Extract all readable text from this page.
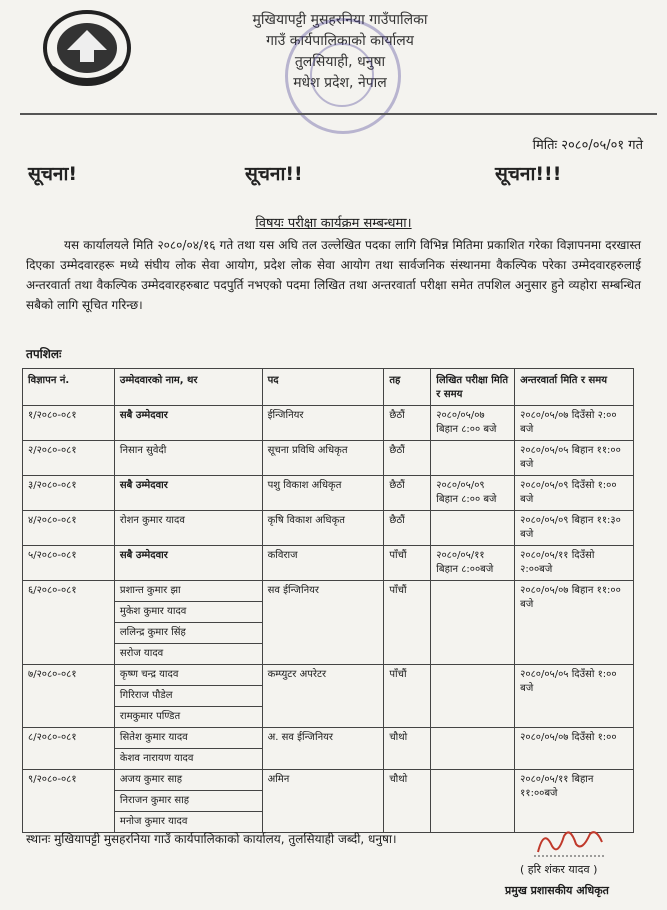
मुखियापट्टी मुसहरनिया गाउँपालिका
गाउँ कार्यपालिकाको कार्यालय
तुलसियाही, धनुषा
मधेश प्रदेश, नेपाल
मितिः २०८०/०५/०१ गते
सूचना!	सूचना!!	सूचना!!!
विषयः परीक्षा कार्यक्रम सम्बन्धमा।
यस कार्यालयले मिति २०८०/०४/१६ गते तथा यस अघि तल उल्लेखित पदका लागि विभिन्न मितिमा प्रकाशित गरेका विज्ञापनमा दरखास्त दिएका उम्मेदवारहरू मध्ये संघीय लोक सेवा आयोग, प्रदेश लोक सेवा आयोग तथा सार्वजनिक संस्थानमा वैकल्पिक परेका उम्मेदवारहरुलाई अन्तरवार्ता तथा वैकल्पिक उम्मेदवारहरुबाट पदपुर्ति नभएको पदमा लिखित तथा अन्तरवार्ता परीक्षा समेत तपशिल अनुसार हुने व्यहोरा सम्बन्धित सबैको लागि सूचित गरिन्छ।
तपशिलः
विज्ञापन नं.	उम्मेदवारको नाम, थर	पद	तह	लिखित परीक्षा मिति र समय	अन्तरवार्ता मिति र समय
१/२०८०-०८१	सबै उम्मेदवार	ईन्जिनियर	छैठौं	२०८०/०५/०७ बिहान ८:०० बजे	२०८०/०५/०७ दिउँसो २:०० बजे
२/२०८०-०८१	निसान सुवेदी	सूचना प्रविधि अधिकृत	छैठौं		२०८०/०५/०५ बिहान ११:०० बजे
३/२०८०-०८१	सबै उम्मेदवार	पशु विकाश अधिकृत	छैठौं	२०८०/०५/०९ बिहान ८:०० बजे	२०८०/०५/०९ दिउँसो १:०० बजे
४/२०८०-०८१	रोशन कुमार यादव	कृषि विकाश अधिकृत	छैठौं		२०८०/०५/०९ बिहान ११:३० बजे
५/२०८०-०८१	सबै उम्मेदवार	कविराज	पाँचौं	२०८०/०५/११ बिहान ८:००बजे	२०८०/०५/११ दिउँसो २:००बजे
६/२०८०-०८१	प्रशान्त कुमार झा
मुकेश कुमार यादव
ललिन्द्र कुमार सिंह
सरोज यादव	सव ईन्जिनियर	पाँचौं		२०८०/०५/०७ बिहान ११:०० बजे
७/२०८०-०८१	कृष्ण चन्द्र यादव
गिरिराज पौडेल
रामकुमार पण्डित	कम्प्युटर अपरेटर	पाँचौं		२०८०/०५/०५ दिउँसो १:०० बजे
८/२०८०-०८१	सितेश कुमार यादव
केशव नारायण यादव	अ. सव ईन्जिनियर	चौथो		२०८०/०५/०७ दिउँसो १:००
९/२०८०-०८१	अजय कुमार साह
निराजन कुमार साह
मनोज कुमार यादव	अमिन	चौथो		२०८०/०५/११ बिहान ११:००बजे
स्थानः मुखियापट्टी मुसहरनिया गाउँ कार्यपालिकाको कार्यालय, तुलसियाही जब्दी, धनुषा।
( हरि शंकर यादव )
प्रमुख प्रशासकीय अधिकृत
